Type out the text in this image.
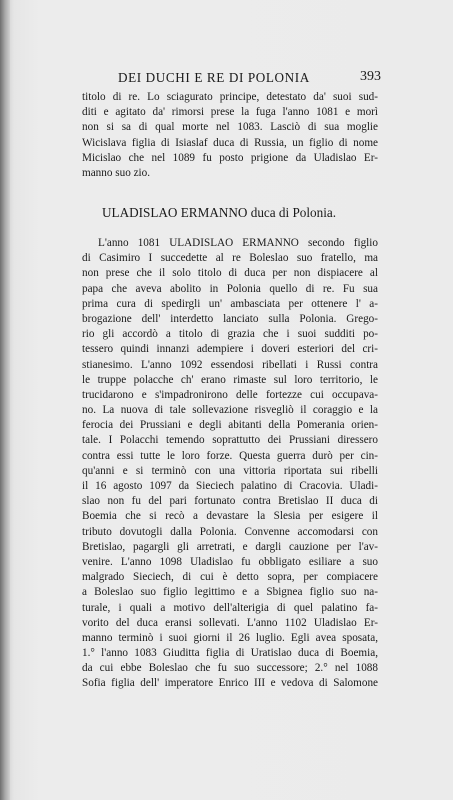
DEI DUCHI E RE DI POLONIA	393
titolo di re. Lo sciagurato principe, detestato da' suoi sud-
diti e agitato da' rimorsi prese la fuga l'anno 1081 e morì
non si sa di qual morte nel 1083. Lasciò di sua moglie
Wicislava figlia di Isiaslaf duca di Russia, un figlio di nome
Micislao che nel 1089 fu posto prigione da Uladislao Er-
manno suo zio.
ULADISLAO ERMANNO duca di Polonia.
L'anno 1081 ULADISLAO ERMANNO secondo figlio
di Casimiro I succedette al re Boleslao suo fratello, ma
non prese che il solo titolo di duca per non dispiacere al
papa che aveva abolito in Polonia quello di re. Fu sua
prima cura di spedirgli un' ambasciata per ottenere l' a-
brogazione dell' interdetto lanciato sulla Polonia. Grego-
rio gli accordò a titolo di grazia che i suoi sudditi po-
tessero quindi innanzi adempiere i doveri esteriori del cri-
stianesimo. L'anno 1092 essendosi ribellati i Russi contra
le truppe polacche ch' erano rimaste sul loro territorio, le
trucidarono e s'impadronirono delle fortezze cui occupava-
no. La nuova di tale sollevazione risvegliò il coraggio e la
ferocia dei Prussiani e degli abitanti della Pomerania orien-
tale. I Polacchi temendo soprattutto dei Prussiani diressero
contra essi tutte le loro forze. Questa guerra durò per cin-
qu'anni e si terminò con una vittoria riportata sui ribelli
il 16 agosto 1097 da Sieciech palatino di Cracovia. Uladi-
slao non fu del pari fortunato contra Bretislao II duca di
Boemia che si recò a devastare la Slesia per esigere il
tributo dovutogli dalla Polonia. Convenne accomodarsi con
Bretislao, pagargli gli arretrati, e dargli cauzione per l'av-
venire. L'anno 1098 Uladislao fu obbligato esiliare a suo
malgrado Sieciech, di cui è detto sopra, per compiacere
a Boleslao suo figlio legittimo e a Sbignea figlio suo na-
turale, i quali a motivo dell'alterigia di quel palatino fa-
vorito del duca eransi sollevati. L'anno 1102 Uladislao Er-
manno terminò i suoi giorni il 26 luglio. Egli avea sposata,
1.° l'anno 1083 Giuditta figlia di Uratislao duca di Boemia,
da cui ebbe Boleslao che fu suo successore; 2.° nel 1088
Sofia figlia dell' imperatore Enrico III e vedova di Salomone
